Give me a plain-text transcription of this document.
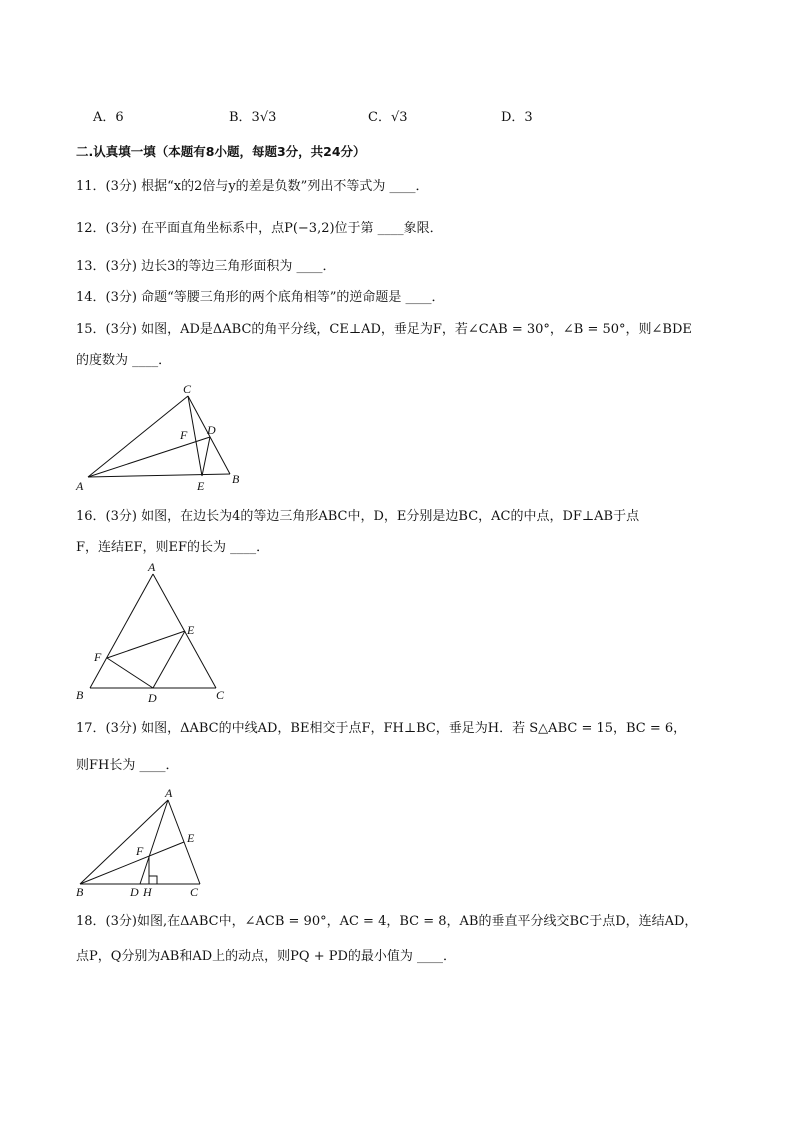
A．6	B．3√3	C．√3	D．3
二.认真填一填（本题有8小题，每题3分，共24分）
11．(3分) 根据“x的2倍与y的差是负数”列出不等式为 ____．
12．(3分) 在平面直角坐标系中，点P(−3,2)位于第 ____象限．
13．(3分) 边长3的等边三角形面积为 ____．
14．(3分) 命题“等腰三角形的两个底角相等”的逆命题是 ____．
15．(3分) 如图，AD是ΔABC的角平分线，CE⊥AD，垂足为F，若∠CAB = 30°，∠B = 50°，则∠BDE
的度数为 ____．
A	B
C
D
E
F
16．(3分) 如图，在边长为4的等边三角形ABC中，D，E分别是边BC，AC的中点，DF⊥AB于点
F，连结EF，则EF的长为 ____．
A
B	C
D
E
F
17．(3分) 如图，ΔABC的中线AD，BE相交于点F，FH⊥BC，垂足为H．若 S△ABC = 15，BC = 6，
则FH长为 ____．
A
B	C
D
E
F
H
18．(3分)如图,在ΔABC中，∠ACB = 90°，AC = 4，BC = 8，AB的垂直平分线交BC于点D，连结AD，
点P，Q分别为AB和AD上的动点，则PQ + PD的最小值为 ____．
